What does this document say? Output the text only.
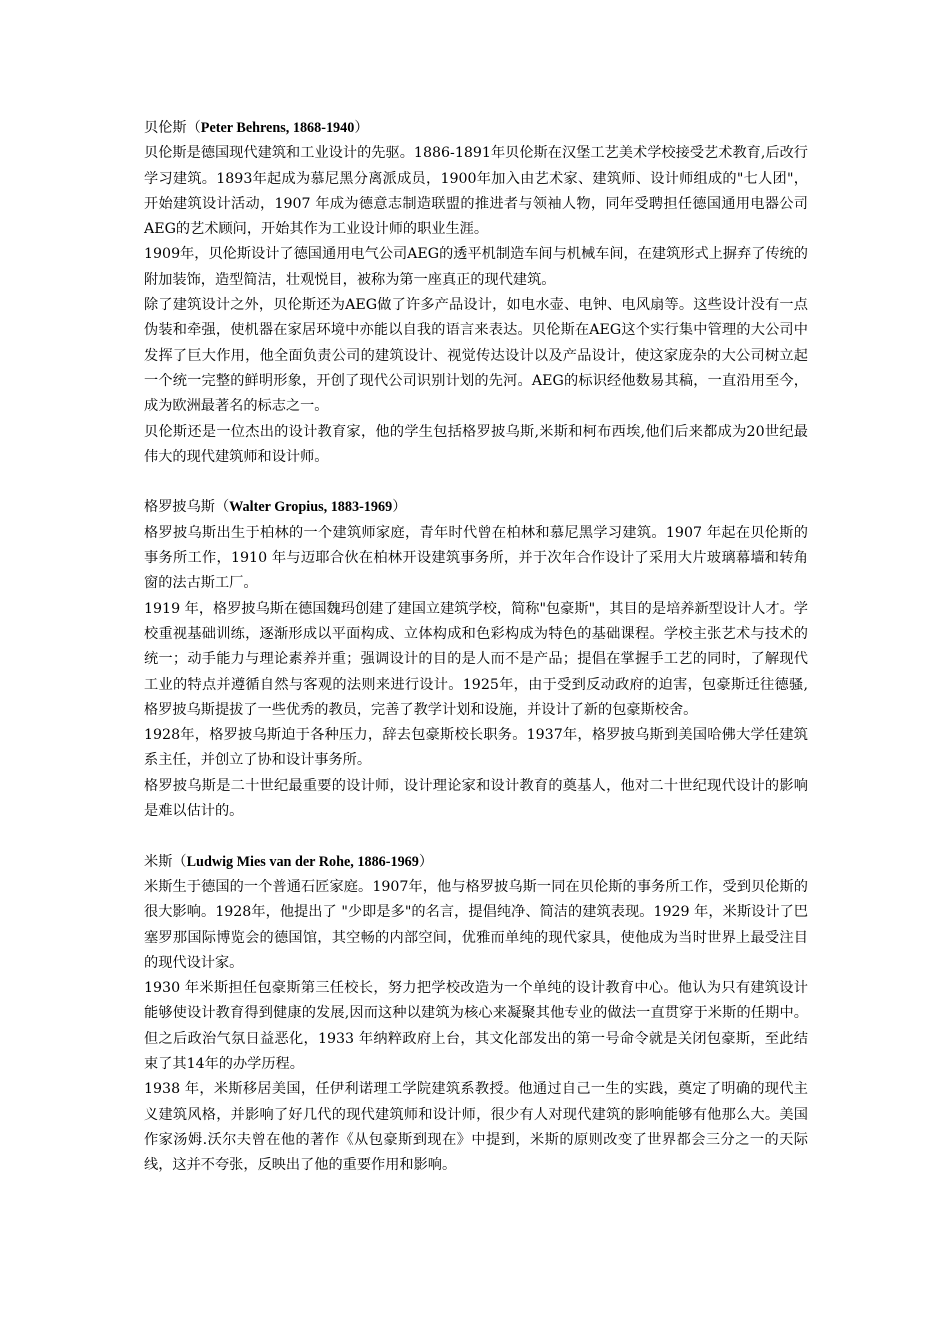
贝伦斯（Peter Behrens, 1868-1940）

贝伦斯是德国现代建筑和工业设计的先驱。1886-1891年贝伦斯在汉堡工艺美术学校接受艺术教育,后改行学习建筑。1893年起成为慕尼黑分离派成员，1900年加入由艺术家、建筑师、设计师组成的"七人团"，开始建筑设计活动，1907 年成为德意志制造联盟的推进者与领袖人物，同年受聘担任德国通用电器公司AEG的艺术顾问，开始其作为工业设计师的职业生涯。

1909年，贝伦斯设计了德国通用电气公司AEG的透平机制造车间与机械车间，在建筑形式上摒弃了传统的附加装饰，造型简洁，壮观悦目，被称为第一座真正的现代建筑。

除了建筑设计之外，贝伦斯还为AEG做了许多产品设计，如电水壶、电钟、电风扇等。这些设计没有一点伪装和牵强，使机器在家居环境中亦能以自我的语言来表达。贝伦斯在AEG这个实行集中管理的大公司中发挥了巨大作用，他全面负责公司的建筑设计、视觉传达设计以及产品设计，使这家庞杂的大公司树立起一个统一完整的鲜明形象，开创了现代公司识别计划的先河。AEG的标识经他数易其稿，一直沿用至今，成为欧洲最著名的标志之一。

贝伦斯还是一位杰出的设计教育家，他的学生包括格罗披乌斯,米斯和柯布西埃,他们后来都成为20世纪最伟大的现代建筑师和设计师。

格罗披乌斯（Walter Gropius, 1883-1969）

格罗披乌斯出生于柏林的一个建筑师家庭，青年时代曾在柏林和慕尼黑学习建筑。1907 年起在贝伦斯的事务所工作，1910 年与迈耶合伙在柏林开设建筑事务所，并于次年合作设计了采用大片玻璃幕墙和转角窗的法古斯工厂。

1919 年，格罗披乌斯在德国魏玛创建了建国立建筑学校，简称"包豪斯"，其目的是培养新型设计人才。学校重视基础训练，逐渐形成以平面构成、立体构成和色彩构成为特色的基础课程。学校主张艺术与技术的统一；动手能力与理论素养并重；强调设计的目的是人而不是产品；提倡在掌握手工艺的同时，了解现代工业的特点并遵循自然与客观的法则来进行设计。1925年，由于受到反动政府的迫害，包豪斯迁往德骚,格罗披乌斯提拔了一些优秀的教员，完善了教学计划和设施，并设计了新的包豪斯校舍。

1928年，格罗披乌斯迫于各种压力，辞去包豪斯校长职务。1937年，格罗披乌斯到美国哈佛大学任建筑系主任，并创立了协和设计事务所。

格罗披乌斯是二十世纪最重要的设计师，设计理论家和设计教育的奠基人，他对二十世纪现代设计的影响是难以估计的。

米斯（Ludwig Mies van der Rohe, 1886-1969）

米斯生于德国的一个普通石匠家庭。1907年，他与格罗披乌斯一同在贝伦斯的事务所工作，受到贝伦斯的很大影响。1928年，他提出了 "少即是多"的名言，提倡纯净、简洁的建筑表现。1929 年，米斯设计了巴塞罗那国际博览会的德国馆，其空畅的内部空间，优雅而单纯的现代家具，使他成为当时世界上最受注目的现代设计家。

1930 年米斯担任包豪斯第三任校长，努力把学校改造为一个单纯的设计教育中心。他认为只有建筑设计能够使设计教育得到健康的发展,因而这种以建筑为核心来凝聚其他专业的做法一直贯穿于米斯的任期中。但之后政治气氛日益恶化，1933 年纳粹政府上台，其文化部发出的第一号命令就是关闭包豪斯，至此结束了其14年的办学历程。

1938 年，米斯移居美国，任伊利诺理工学院建筑系教授。他通过自己一生的实践，奠定了明确的现代主义建筑风格，并影响了好几代的现代建筑师和设计师，很少有人对现代建筑的影响能够有他那么大。美国作家汤姆.沃尔夫曾在他的著作《从包豪斯到现在》中提到，米斯的原则改变了世界都会三分之一的天际线，这并不夸张，反映出了他的重要作用和影响。
